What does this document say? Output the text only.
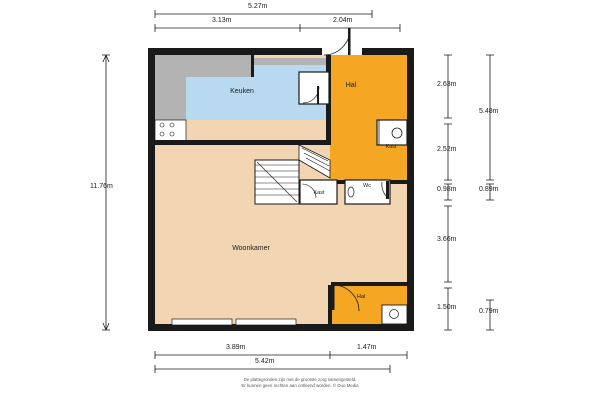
Keuken
Hal
Kast
Kast
Wc
Woonkamer
Hal
5.27m
3.13m	2.04m
11.76m
2.63m
5.48m
2.52m
0.98m	0.89m
3.66m
1.50m
0.79m
3.89m	1.47m
5.42m
De plattegronden zijn met de grootste zorg samengesteld.
Er kunnen geen rechten aan ontleend worden. © Duo Media
